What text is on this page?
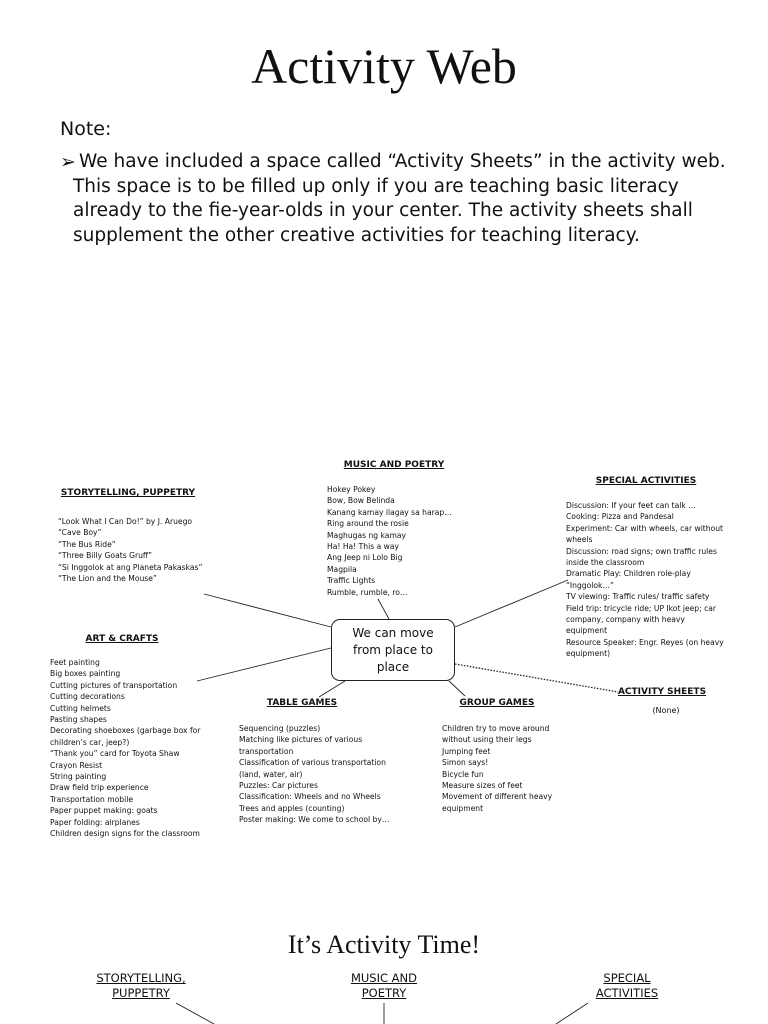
Activity Web
Note:
➢ We have included a space called “Activity Sheets” in the activity web.
This space is to be filled up only if you are teaching basic literacy already to the fie-year-olds in your center. The activity sheets shall supplement the other creative activities for teaching literacy.
STORYTELLING, PUPPETRY
“Look What I Can Do!” by J. Aruego
“Cave Boy”
“The Bus Ride”
“Three Billy Goats Gruff”
“Si Inggolok at ang Planeta Pakaskas”
“The Lion and the Mouse”
MUSIC AND POETRY
Hokey Pokey
Bow, Bow Belinda
Kanang kamay ilagay sa harap…
Ring around the rosie
Maghugas ng kamay
Ha! Ha! This a way
Ang Jeep ni Lolo Big
Magpila
Traffic Lights
Rumble, rumble, ro…
SPECIAL ACTIVITIES
Discussion: If your feet can talk …
Cooking: Pizza and Pandesal
Experiment: Car with wheels, car without wheels
Discussion: road signs; own traffic rules inside the classroom
Dramatic Play: Children role-play “Inggolok…”
TV viewing: Traffic rules/ traffic safety
Field trip: tricycle ride; UP Ikot jeep; car company, company with heavy equipment
Resource Speaker: Engr. Reyes (on heavy equipment)
We can move from place to place
ART & CRAFTS
Feet painting
Big boxes painting
Cutting pictures of transportation
Cutting decorations
Cutting helmets
Pasting shapes
Decorating shoeboxes (garbage box for children’s car, jeep?)
“Thank you” card for Toyota Shaw
Crayon Resist
String painting
Draw field trip experience
Transportation mobile
Paper puppet making: goats
Paper folding: airplanes
Children design signs for the classroom
TABLE GAMES
Sequencing (puzzles)
Matching like pictures of various transportation
Classification of various transportation (land, water, air)
Puzzles: Car pictures
Classification: Wheels and no Wheels
Trees and apples (counting)
Poster making: We come to school by…
GROUP GAMES
Children try to move around without using their legs
Jumping feet
Simon says!
Bicycle fun
Measure sizes of feet
Movement of different heavy equipment
ACTIVITY SHEETS
(None)
It’s Activity Time!
STORYTELLING, PUPPETRY
MUSIC AND POETRY
SPECIAL ACTIVITIES
